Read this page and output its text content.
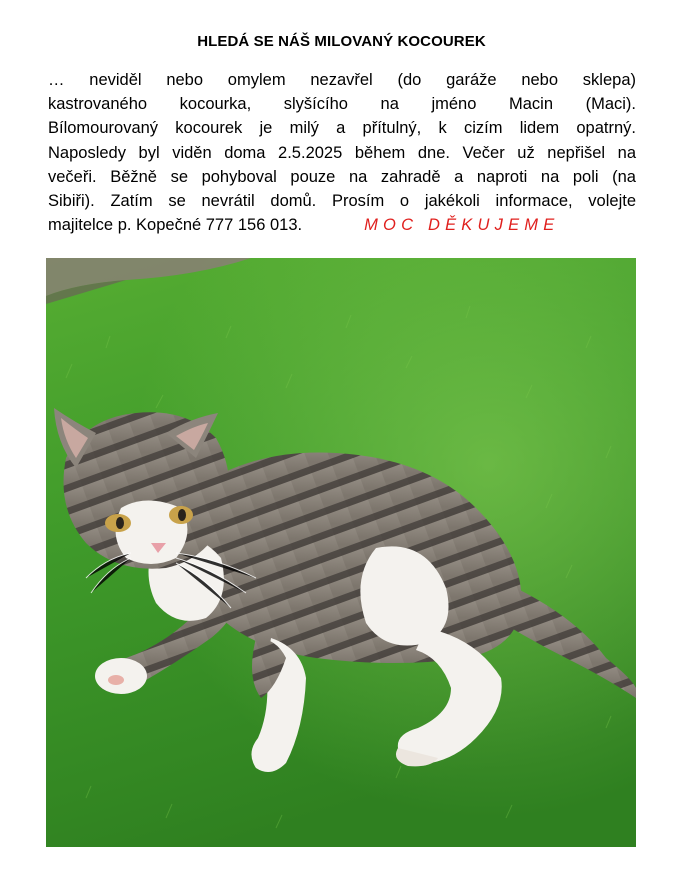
HLEDÁ SE NÁŠ MILOVANÝ KOCOUREK
… neviděl nebo omylem nezavřel (do garáže nebo sklepa)
kastrovaného kocourka, slyšícího na jméno Macin (Maci).
Bílomourovaný kocourek je milý a přítulný, k cizím lidem opatrný.
Naposledy byl viděn doma 2.5.2025 během dne. Večer už nepřišel na
večeři. Běžně se pohyboval pouze na zahradě a naproti na poli (na
Sibiři). Zatím se nevrátil domů. Prosím o jakékoli informace, volejte
majitelce p. Kopečné 777 156 013.	MOC DĚKUJEME
